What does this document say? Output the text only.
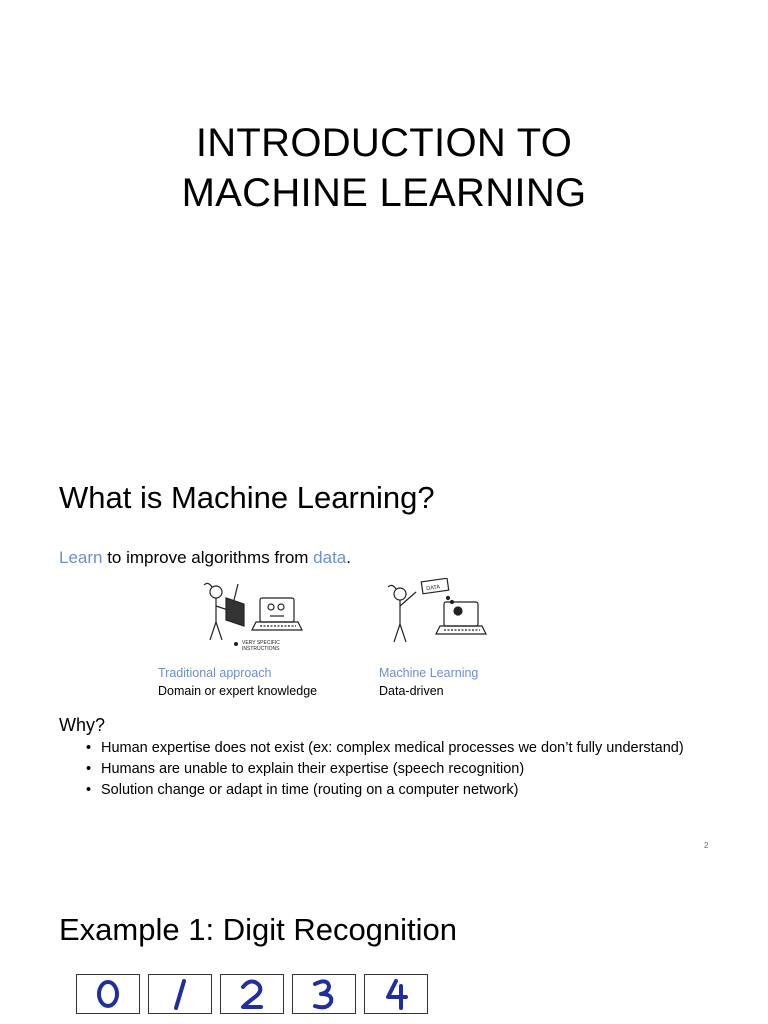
INTRODUCTION TO
MACHINE LEARNING
What is Machine Learning?
Learn to improve algorithms from data.
VERY SPECIFIC
INSTRUCTIONS
DATA
Traditional approach
Domain or expert knowledge
Machine Learning
Data-driven
Why?
• Human expertise does not exist (ex: complex medical processes we don’t fully understand)
• Humans are unable to explain their expertise (speech recognition)
• Solution change or adapt in time (routing on a computer network)
2
Example 1: Digit Recognition
